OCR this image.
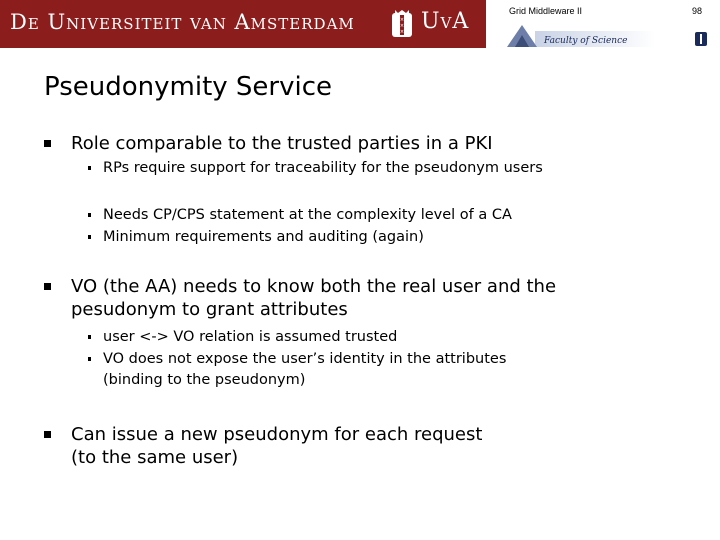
De Universiteit van Amsterdam	×
×
× UvA	Grid Middleware II	98
Faculty of Science
Pseudonymity Service
Role comparable to the trusted parties in a PKI
RPs require support for traceability for the pseudonym users
Needs CP/CPS statement at the complexity level of a CA
Minimum requirements and auditing (again)
VO (the AA) needs to know both the real user and the
pesudonym to grant attributes
user <-> VO relation is assumed trusted
VO does not expose the user’s identity in the attributes
(binding to the pseudonym)
Can issue a new pseudonym for each request
(to the same user)
